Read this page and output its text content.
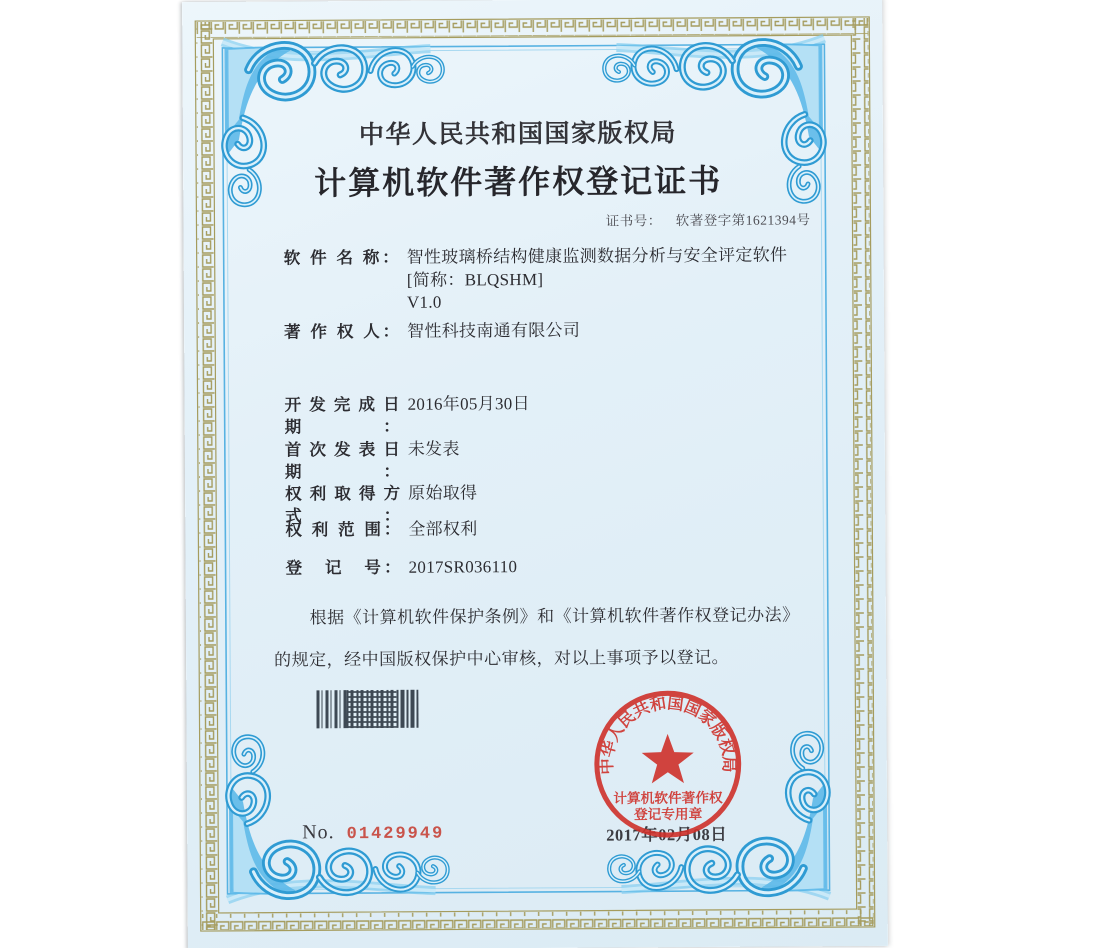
中华人民共和国国家版权局
计算机软件著作权登记证书
证书号： 软著登字第1621394号
软 件 名 称： 智性玻璃桥结构健康监测数据分析与安全评定软件
[简称：BLQSHM]
V1.0
著 作 权 人： 智性科技南通有限公司
开发完成日期：
2016年05月30日
首次发表日期：
未发表
权利取得方式：
原始取得
权 利 范 围： 全部权利
登　记　号： 2017SR036110
根据《计算机软件保护条例》和《计算机软件著作权登记办法》的规定，经中国版权保护中心审核，对以上事项予以登记。
No. 01429949	2017年02月08日
中华人民共和国国家版权局
计算机软件著作权
登记专用章
